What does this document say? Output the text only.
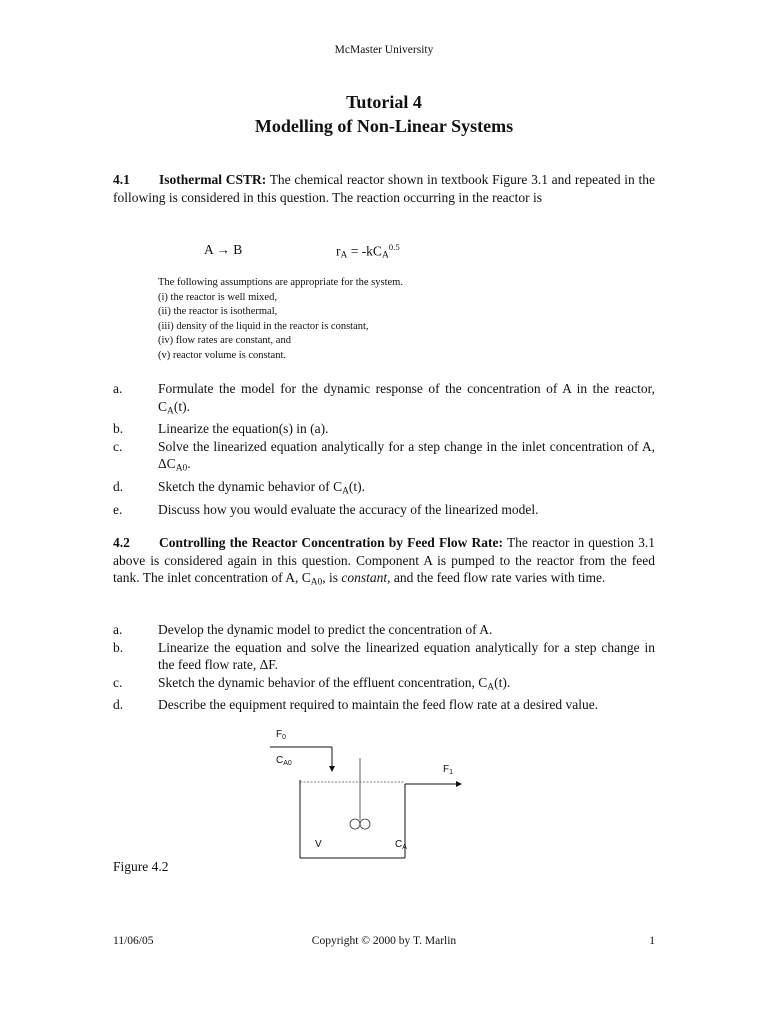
McMaster University
Tutorial 4
Modelling of Non-Linear Systems
4.1 Isothermal CSTR: The chemical reactor shown in textbook Figure 3.1 and repeated in the following is considered in this question. The reaction occurring in the reactor is
A → B	$r_A = -kC_A^{0.5}$
The following assumptions are appropriate for the system.
(i) the reactor is well mixed,
(ii) the reactor is isothermal,
(iii) density of the liquid in the reactor is constant,
(iv) flow rates are constant, and
(v) reactor volume is constant.
a.	Formulate the model for the dynamic response of the concentration of A in the reactor, $C_A(t)$.
b.	Linearize the equation(s) in (a).
c.	Solve the linearized equation analytically for a step change in the inlet concentration of A, $\Delta C_{A0}$.
d.	Sketch the dynamic behavior of $C_A(t)$.
e.	Discuss how you would evaluate the accuracy of the linearized model.
4.2 Controlling the Reactor Concentration by Feed Flow Rate: The reactor in question 3.1 above is considered again in this question. Component A is pumped to the reactor from the feed tank. The inlet concentration of A, $C_{A0}$, is constant, and the feed flow rate varies with time.
a.	Develop the dynamic model to predict the concentration of A.
b.	Linearize the equation and solve the linearized equation analytically for a step change in the feed flow rate, ΔF.
c.	Sketch the dynamic behavior of the effluent concentration, $C_A(t)$.
d.	Describe the equipment required to maintain the feed flow rate at a desired value.
$F_0$
$C_{A0}$
$F_1$
V	$C_A$
Figure 4.2
11/06/05	Copyright © 2000 by T. Marlin	1
